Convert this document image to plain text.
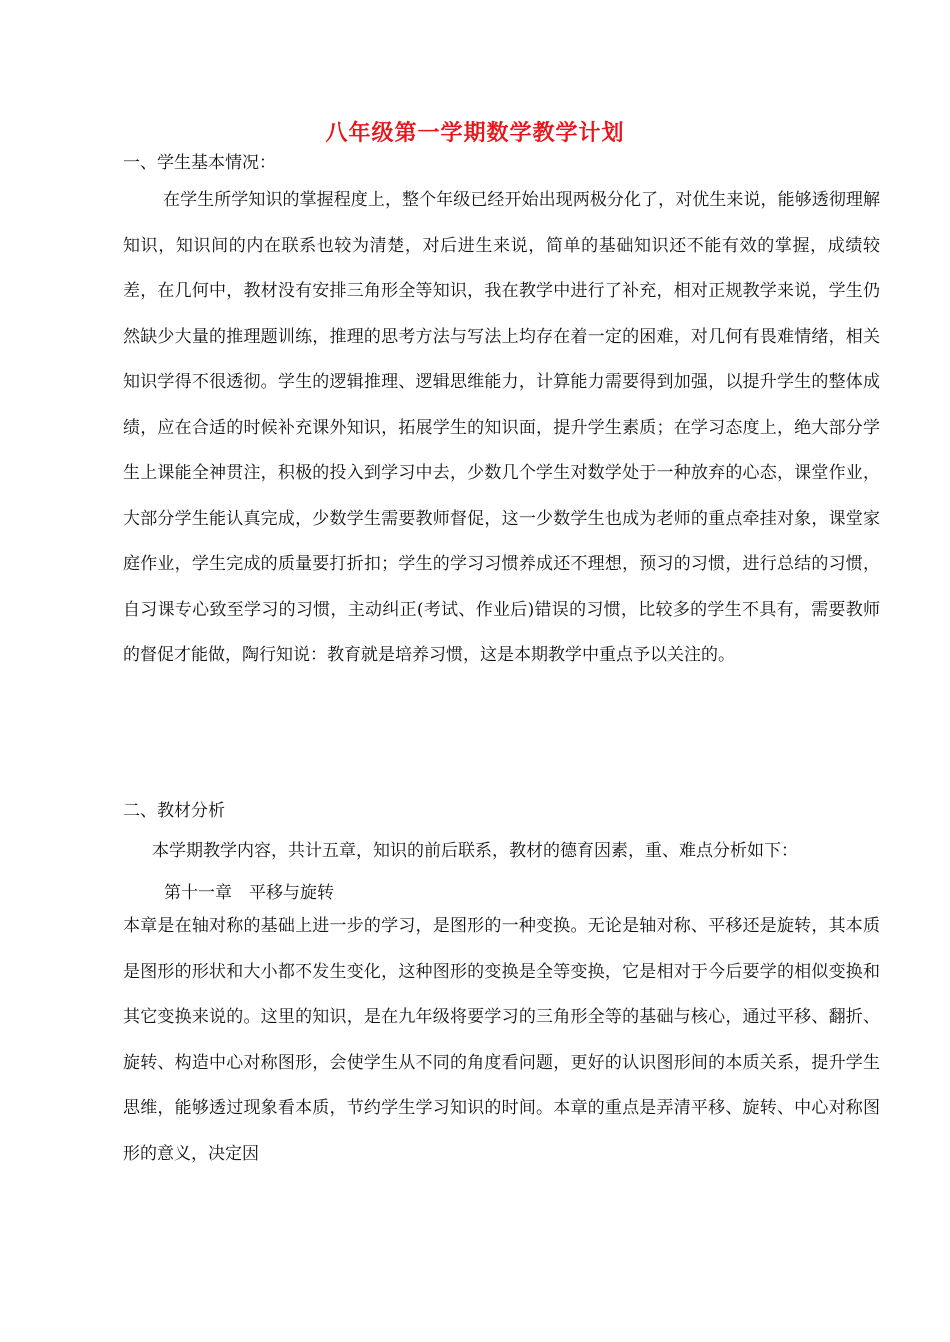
八年级第一学期数学教学计划
一、学生基本情况：

在学生所学知识的掌握程度上，整个年级已经开始出现两极分化了，对优生来说，能够透彻理解知识，知识间的内在联系也较为清楚，对后进生来说，简单的基础知识还不能有效的掌握，成绩较差，在几何中，教材没有安排三角形全等知识，我在教学中进行了补充，相对正规教学来说，学生仍然缺少大量的推理题训练，推理的思考方法与写法上均存在着一定的困难，对几何有畏难情绪，相关知识学得不很透彻。学生的逻辑推理、逻辑思维能力，计算能力需要得到加强，以提升学生的整体成绩，应在合适的时候补充课外知识，拓展学生的知识面，提升学生素质；在学习态度上，绝大部分学生上课能全神贯注，积极的投入到学习中去，少数几个学生对数学处于一种放弃的心态，课堂作业，大部分学生能认真完成，少数学生需要教师督促，这一少数学生也成为老师的重点牵挂对象，课堂家庭作业，学生完成的质量要打折扣；学生的学习习惯养成还不理想，预习的习惯，进行总结的习惯，自习课专心致至学习的习惯，主动纠正(考试、作业后)错误的习惯，比较多的学生不具有，需要教师的督促才能做，陶行知说：教育就是培养习惯，这是本期教学中重点予以关注的。

二、教材分析
本学期教学内容，共计五章，知识的前后联系，教材的德育因素，重、难点分析如下：
第十一章　平移与旋转

本章是在轴对称的基础上进一步的学习，是图形的一种变换。无论是轴对称、平移还是旋转，其本质是图形的形状和大小都不发生变化，这种图形的变换是全等变换，它是相对于今后要学的相似变换和其它变换来说的。这里的知识，是在九年级将要学习的三角形全等的基础与核心，通过平移、翻折、旋转、构造中心对称图形，会使学生从不同的角度看问题，更好的认识图形间的本质关系，提升学生思维，能够透过现象看本质，节约学生学习知识的时间。本章的重点是弄清平移、旋转、中心对称图形的意义，决定因
